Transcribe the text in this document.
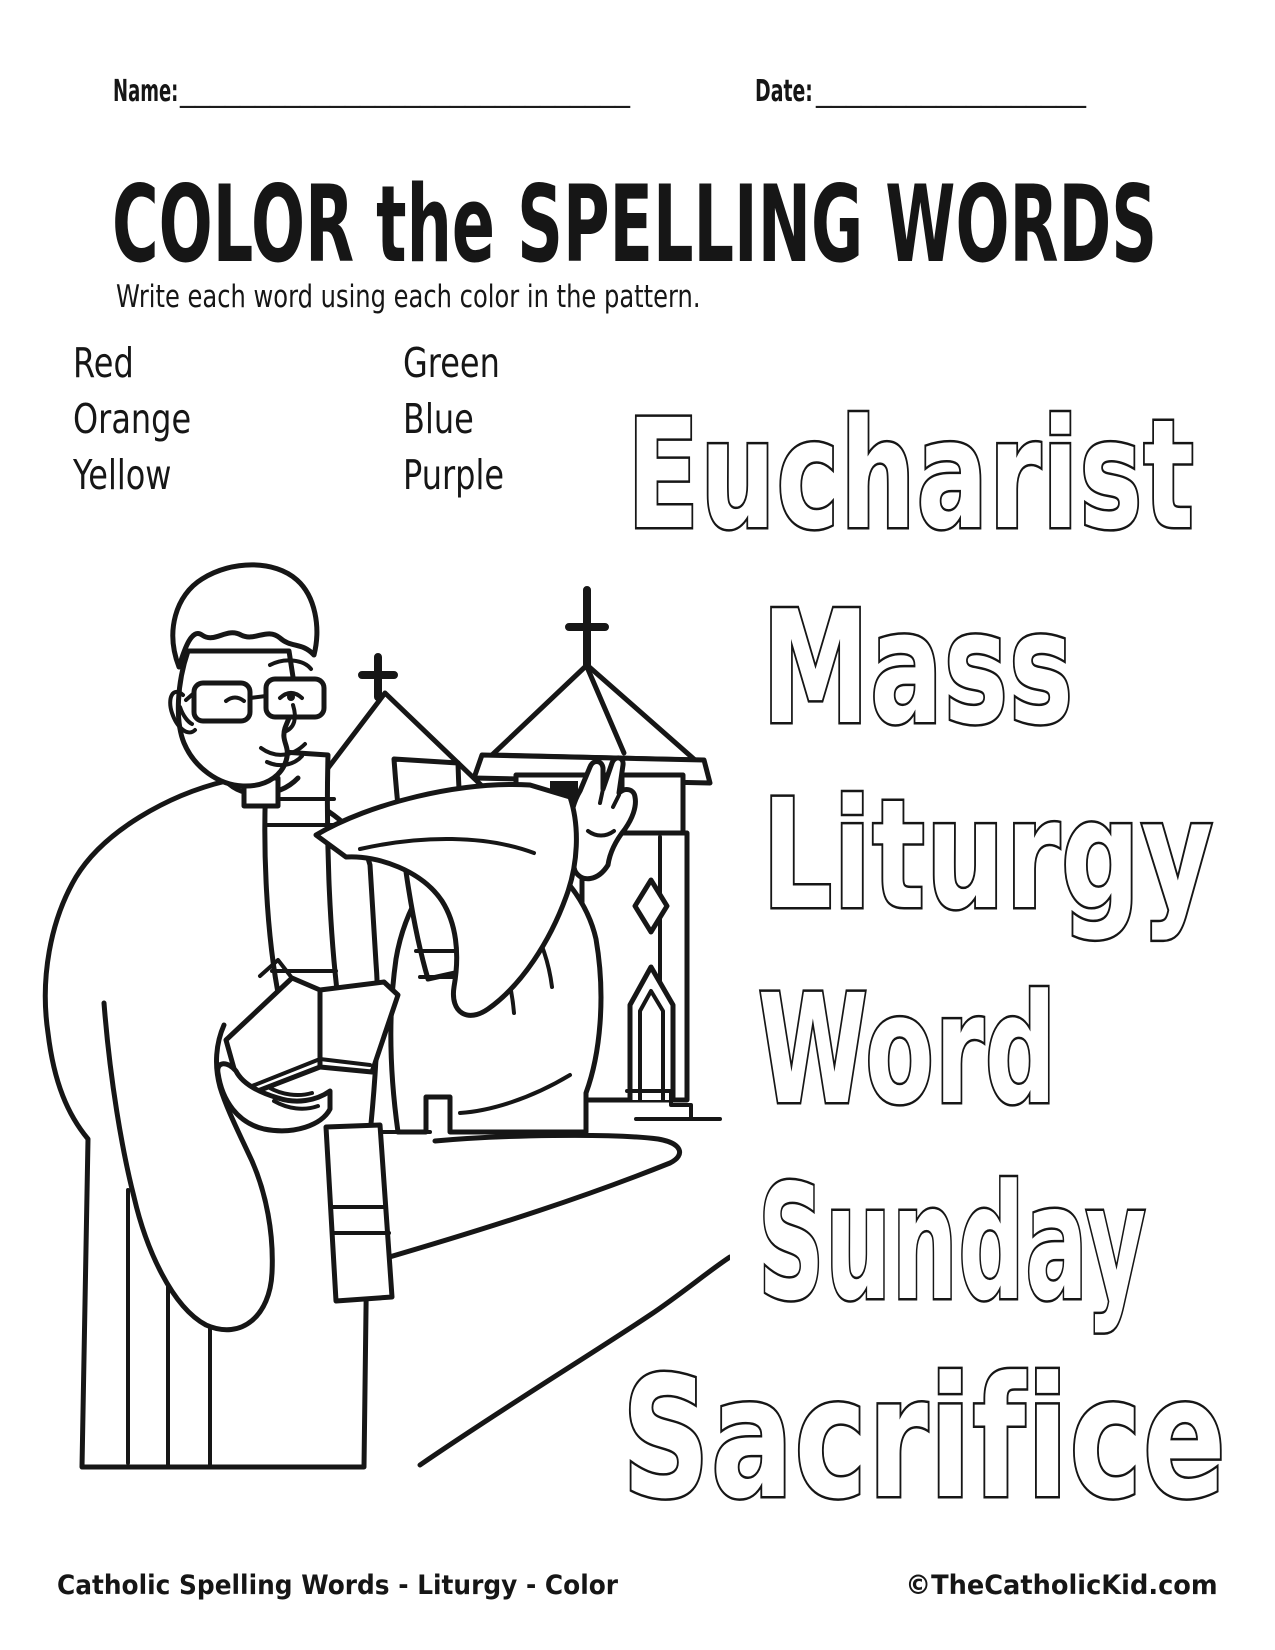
Name: ______________________________	Date: __________________
COLOR the SPELLING WORDS
Write each word using each color in the pattern.
Red
Orange
Yellow
Green
Blue
Purple Eucharist
Mass
Liturgy
Word
Sunday
Sacrifice
Catholic Spelling Words - Liturgy - Color	©TheCatholicKid.com
